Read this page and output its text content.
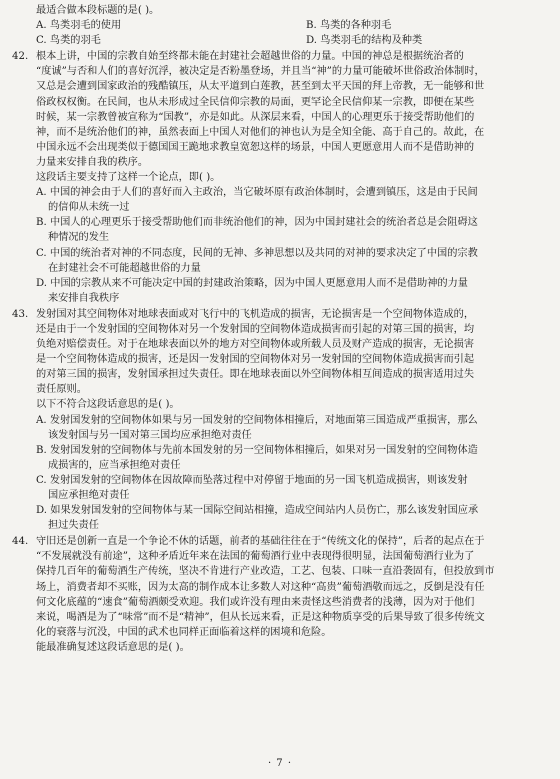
最适合做本段标题的是( )。
A. 鸟类羽毛的使用	B. 鸟类的各种羽毛
C. 鸟类的羽毛	D. 鸟类羽毛的结构及种类
42. 根本上讲，中国的宗教自始至终都未能在封建社会超越世俗的力量。中国的神总是根据统治者的
“度诚”与否和人们的喜好沉浮，被决定是否粉墨登场，并且当“神”的力量可能破坏世俗政治体制时，
又总是会遭到国家政治的残酷镇压，从太平道到白莲教，甚至到太平天国的拜上帝教，无一能够和世
俗政权权衡。在民间，也从未形成过全民信仰宗教的局面，更罕论全民信仰某一宗教，即便在某些
时候，某一宗教曾被宣称为“国教”，亦是如此。从深层来看，中国人的心理更乐于接受帮助他们的
神，而不是统治他们的神，虽然表面上中国人对他们的神也认为是全知全能、高于自己的。故此，在
中国永远不会出现类似于德国国王跪地求教皇宽恕这样的场景，中国人更愿意用人而不是借助神的
力量来安排自我的秩序。
这段话主要支持了这样一个论点，即( )。
A. 中国的神会由于人们的喜好而入主政治，当它破坏原有政治体制时，会遭到镇压，这是由于民间
的信仰从未统一过
B. 中国人的心理更乐于接受帮助他们而非统治他们的神，因为中国封建社会的统治者总是会阻碍这
种情况的发生
C. 中国的统治者对神的不同态度，民间的无神、多神思想以及共同的对神的要求决定了中国的宗教
在封建社会不可能超越世俗的力量
D. 中国的宗教从来不可能决定中国的封建政治策略，因为中国人更愿意用人而不是借助神的力量
来安排自我秩序
43. 发射国对其空间物体对地球表面或对飞行中的飞机造成的损害，无论损害是一个空间物体造成的，
还是由于一个发射国的空间物体对另一个发射国的空间物体造成损害而引起的对第三国的损害，均
负绝对赔偿责任。对于在地球表面以外的地方对空间物体或所载人员及财产造成的损害，无论损害
是一个空间物体造成的损害，还是因一发射国的空间物体对另一发射国的空间物体造成损害而引起
的对第三国的损害，发射国承担过失责任。即在地球表面以外空间物体相互间造成的损害适用过失
责任原则。
以下不符合这段话意思的是( )。
A. 发射国发射的空间物体如果与另一国发射的空间物体相撞后，对地面第三国造成严重损害，那么
该发射国与另一国对第三国均应承担绝对责任
B. 发射国发射的空间物体与先前本国发射的另一空间物体相撞后，如果对另一国发射的空间物体造
成损害的，应当承担绝对责任
C. 发射国发射的空间物体在因故障而坠落过程中对停留于地面的另一国飞机造成损害，则该发射
国应承担绝对责任
D. 如果发射国发射的空间物体与某一国际空间站相撞，造成空间站内人员伤亡，那么该发射国应承
担过失责任
44. 守旧还是创新一直是一个争论不休的话题，前者的基础往往在于“传统文化的保持”，后者的起点在于
“不发展就没有前途”，这种矛盾近年来在法国的葡萄酒行业中表现得很明显，法国葡萄酒行业为了
保持几百年的葡萄酒生产传统，坚决不肯进行产业改造，工艺、包装、口味一直沿袭固有，但投放到市
场上，消费者却不买账，因为太高的制作成本让多数人对这种“高贵”葡萄酒敬而远之，反倒是没有任
何文化底蕴的“速食”葡萄酒颇受欢迎。我们或许没有理由来责怪这些消费者的浅薄，因为对于他们
来说，喝酒是为了“味常”而不是“精神”，但从长远来看，正是这种物质享受的后果导致了很多传统文
化的衰落与沉没，中国的武术也同样正面临着这样的困境和危险。
能最准确复述这段话意思的是( )。
· 7 ·
